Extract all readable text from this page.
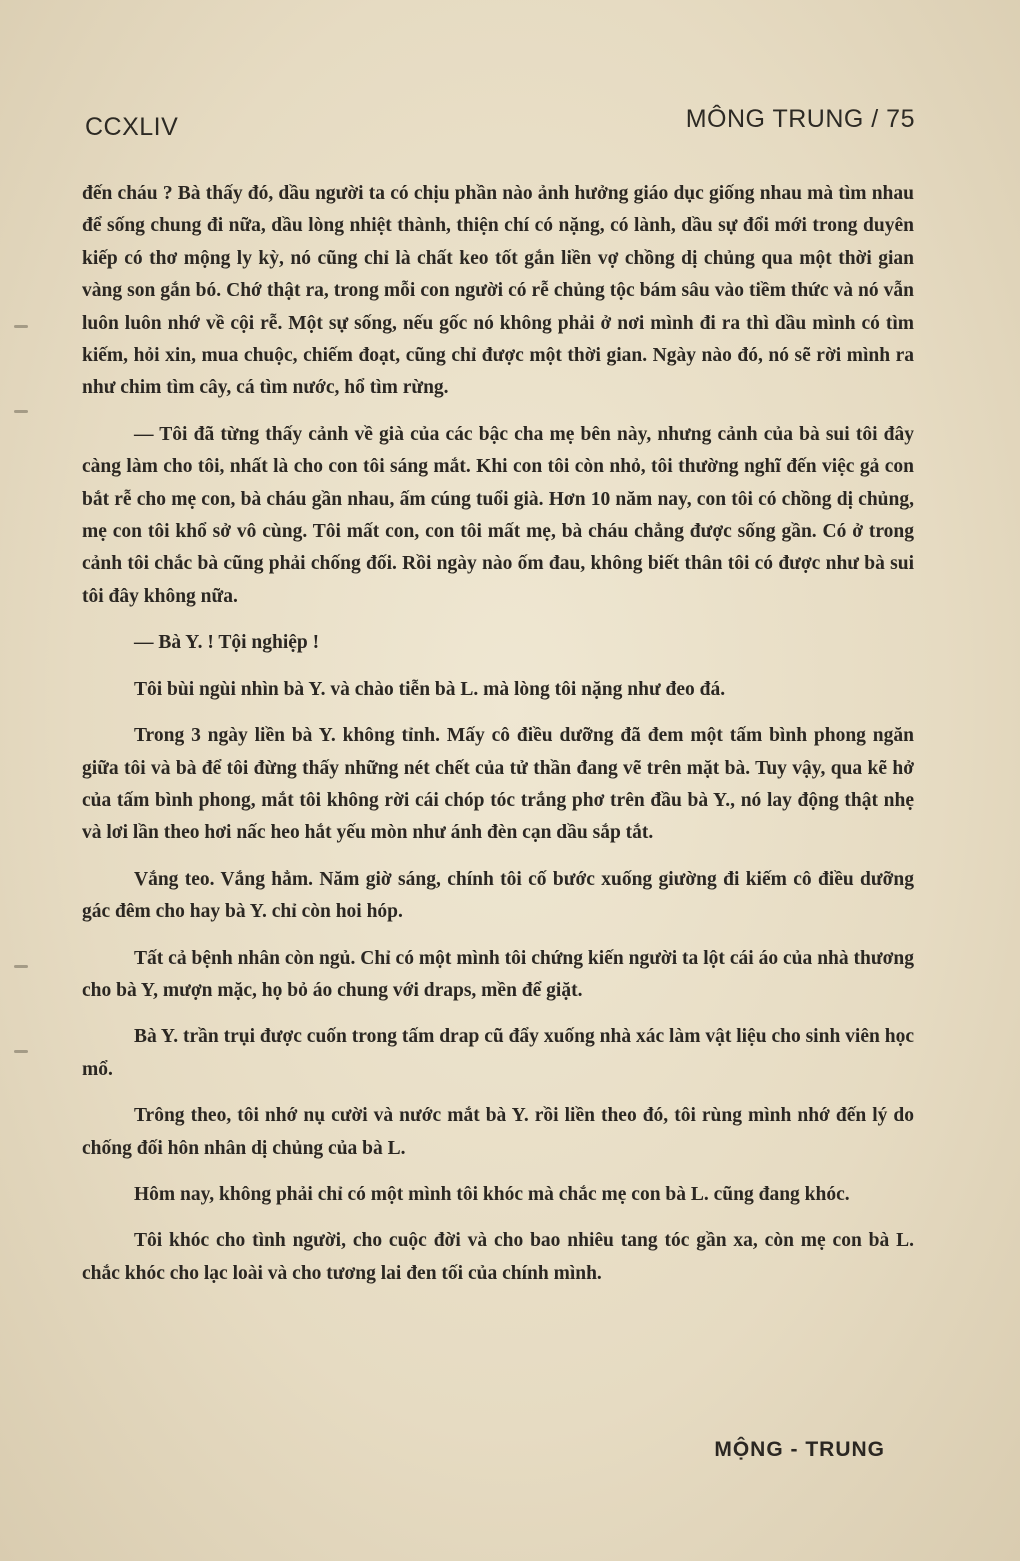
CCXLIV	MÔNG TRUNG / 75

đến cháu ? Bà thấy đó, dầu người ta có chịu phần nào ảnh hưởng giáo dục giống nhau mà tìm nhau để sống chung đi nữa, dầu lòng nhiệt thành, thiện chí có nặng, có lành, dầu sự đổi mới trong duyên kiếp có thơ mộng ly kỳ, nó cũng chỉ là chất keo tốt gắn liền vợ chồng dị chủng qua một thời gian vàng son gắn bó. Chớ thật ra, trong mỗi con người có rễ chủng tộc bám sâu vào tiềm thức và nó vẫn luôn luôn nhớ về cội rễ. Một sự sống, nếu gốc nó không phải ở nơi mình đi ra thì dầu mình có tìm kiếm, hỏi xin, mua chuộc, chiếm đoạt, cũng chỉ được một thời gian. Ngày nào đó, nó sẽ rời mình ra như chim tìm cây, cá tìm nước, hổ tìm rừng.

— Tôi đã từng thấy cảnh về già của các bậc cha mẹ bên này, nhưng cảnh của bà sui tôi đây càng làm cho tôi, nhất là cho con tôi sáng mắt. Khi con tôi còn nhỏ, tôi thường nghĩ đến việc gả con bắt rễ cho mẹ con, bà cháu gần nhau, ấm cúng tuổi già. Hơn 10 năm nay, con tôi có chồng dị chủng, mẹ con tôi khổ sở vô cùng. Tôi mất con, con tôi mất mẹ, bà cháu chẳng được sống gần. Có ở trong cảnh tôi chắc bà cũng phải chống đối. Rồi ngày nào ốm đau, không biết thân tôi có được như bà sui tôi đây không nữa.

— Bà Y. ! Tội nghiệp !

Tôi bùi ngùi nhìn bà Y. và chào tiễn bà L. mà lòng tôi nặng như đeo đá.

Trong 3 ngày liền bà Y. không tỉnh. Mấy cô điều dưỡng đã đem một tấm bình phong ngăn giữa tôi và bà để tôi đừng thấy những nét chết của tử thần đang vẽ trên mặt bà. Tuy vậy, qua kẽ hở của tấm bình phong, mắt tôi không rời cái chóp tóc trắng phơ trên đầu bà Y., nó lay động thật nhẹ và lơi lần theo hơi nấc heo hắt yếu mòn như ánh đèn cạn dầu sắp tắt.

Vắng teo. Vắng hẳm. Năm giờ sáng, chính tôi cố bước xuống giường đi kiếm cô điều dưỡng gác đêm cho hay bà Y. chỉ còn hoi hóp.

Tất cả bệnh nhân còn ngủ. Chỉ có một mình tôi chứng kiến người ta lột cái áo của nhà thương cho bà Y, mượn mặc, họ bỏ áo chung với draps, mền để giặt.

Bà Y. trần trụi được cuốn trong tấm drap cũ đẩy xuống nhà xác làm vật liệu cho sinh viên học mổ.

Trông theo, tôi nhớ nụ cười và nước mắt bà Y. rồi liền theo đó, tôi rùng mình nhớ đến lý do chống đối hôn nhân dị chủng của bà L.

Hôm nay, không phải chỉ có một mình tôi khóc mà chắc mẹ con bà L. cũng đang khóc.

Tôi khóc cho tình người, cho cuộc đời và cho bao nhiêu tang tóc gần xa, còn mẹ con bà L. chắc khóc cho lạc loài và cho tương lai đen tối của chính mình.

MỘNG - TRUNG
